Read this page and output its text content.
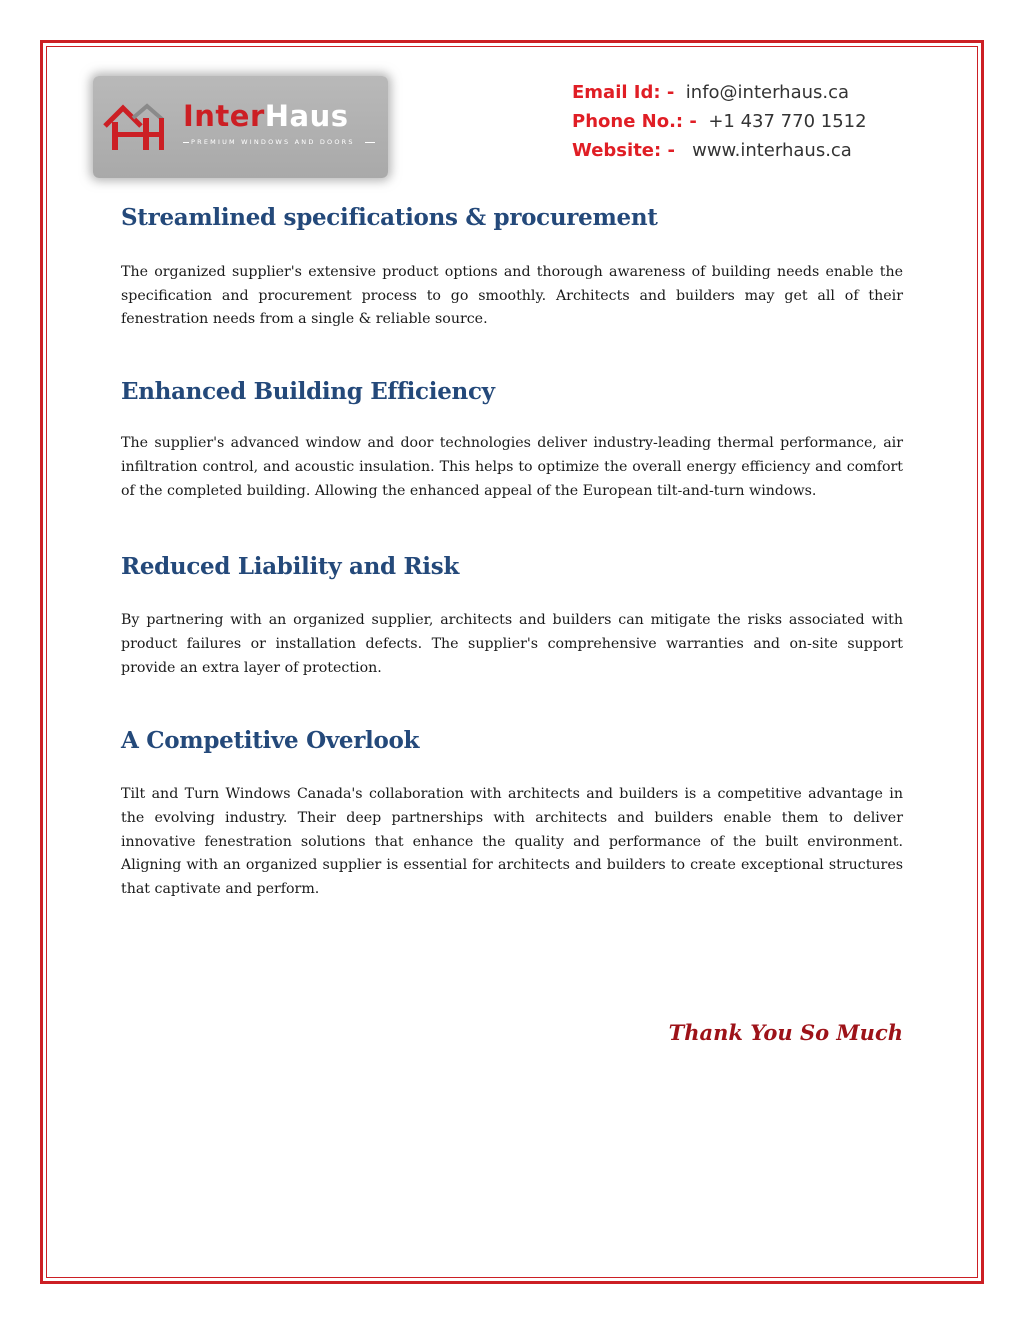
InterHaus
PREMIUM WINDOWS AND DOORS
Email Id: - info@interhaus.ca
Phone No.: - +1 437 770 1512
Website: - www.interhaus.ca
Streamlined specifications & procurement

The organized supplier's extensive product options and thorough awareness of building needs enable the specification and procurement process to go smoothly. Architects and builders may get all of their fenestration needs from a single & reliable source.

Enhanced Building Efficiency

The supplier's advanced window and door technologies deliver industry-leading thermal performance, air infiltration control, and acoustic insulation. This helps to optimize the overall energy efficiency and comfort of the completed building. Allowing the enhanced appeal of the European tilt-and-turn windows.

Reduced Liability and Risk

By partnering with an organized supplier, architects and builders can mitigate the risks associated with product failures or installation defects. The supplier's comprehensive warranties and on-site support provide an extra layer of protection.

A Competitive Overlook

Tilt and Turn Windows Canada's collaboration with architects and builders is a competitive advantage in the evolving industry. Their deep partnerships with architects and builders enable them to deliver innovative fenestration solutions that enhance the quality and performance of the built environment. Aligning with an organized supplier is essential for architects and builders to create exceptional structures that captivate and perform.

Thank You So Much
